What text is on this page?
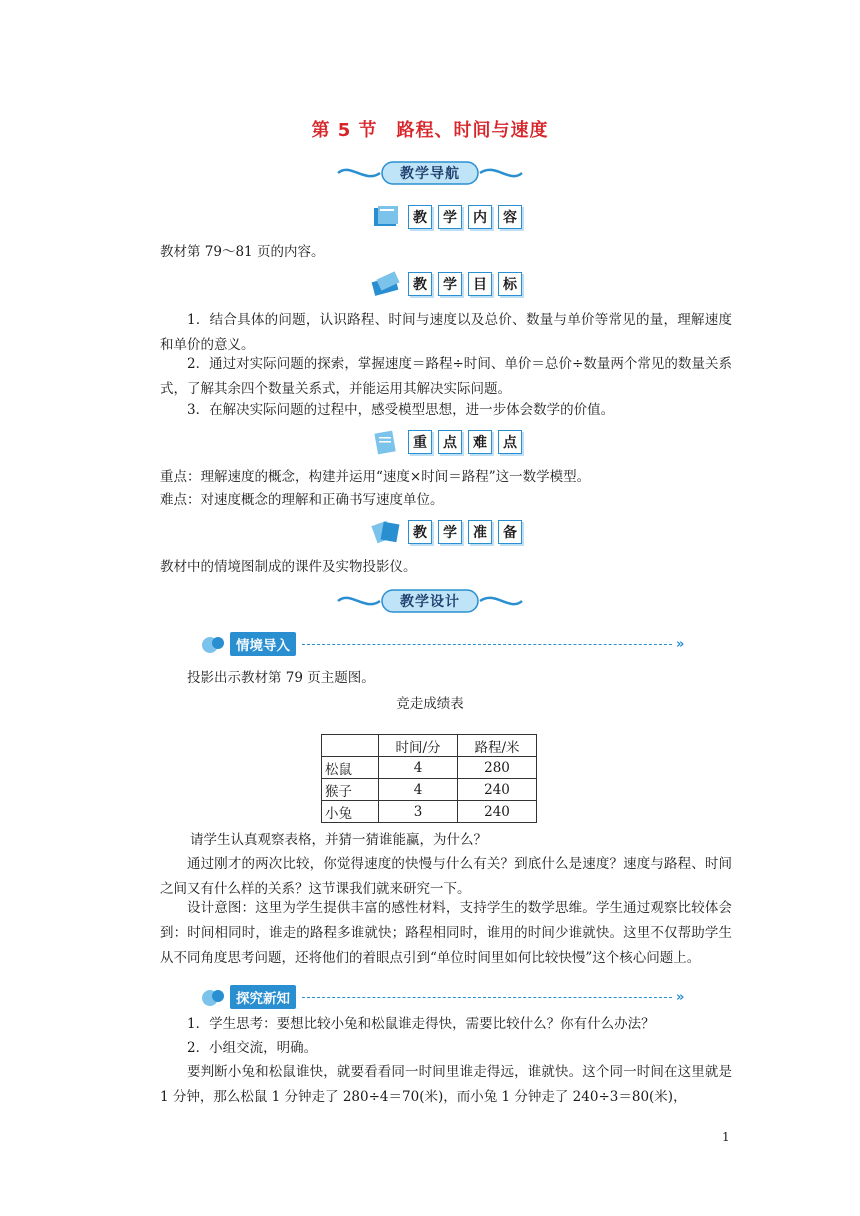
第 5 节　路程、时间与速度
教学导航
教	学	内	容
教材第 79～81 页的内容。
教	学	目	标
1．结合具体的问题，认识路程、时间与速度以及总价、数量与单价等常见的量，理解速度和单价的意义。
2．通过对实际问题的探索，掌握速度＝路程÷时间、单价＝总价÷数量两个常见的数量关系式，了解其余四个数量关系式，并能运用其解决实际问题。
3．在解决实际问题的过程中，感受模型思想，进一步体会数学的价值。
重	点	难	点
重点：理解速度的概念，构建并运用“速度×时间＝路程”这一数学模型。
难点：对速度概念的理解和正确书写速度单位。
教	学	准	备
教材中的情境图制成的课件及实物投影仪。
教学设计
情境导入	»
投影出示教材第 79 页主题图。
竞走成绩表
	时间/分	路程/米
松鼠	4	280
猴子	4	240
小兔	3	240
请学生认真观察表格，并猜一猜谁能赢，为什么？
通过刚才的两次比较，你觉得速度的快慢与什么有关？到底什么是速度？速度与路程、时间之间又有什么样的关系？这节课我们就来研究一下。
设计意图：这里为学生提供丰富的感性材料，支持学生的数学思维。学生通过观察比较体会到：时间相同时，谁走的路程多谁就快；路程相同时，谁用的时间少谁就快。这里不仅帮助学生从不同角度思考问题，还将他们的着眼点引到“单位时间里如何比较快慢”这个核心问题上。
探究新知	»
1．学生思考：要想比较小兔和松鼠谁走得快，需要比较什么？你有什么办法？
2．小组交流，明确。
要判断小兔和松鼠谁快，就要看看同一时间里谁走得远，谁就快。这个同一时间在这里就是 1 分钟，那么松鼠 1 分钟走了 280÷4＝70(米)，而小兔 1 分钟走了 240÷3＝80(米)，
1
